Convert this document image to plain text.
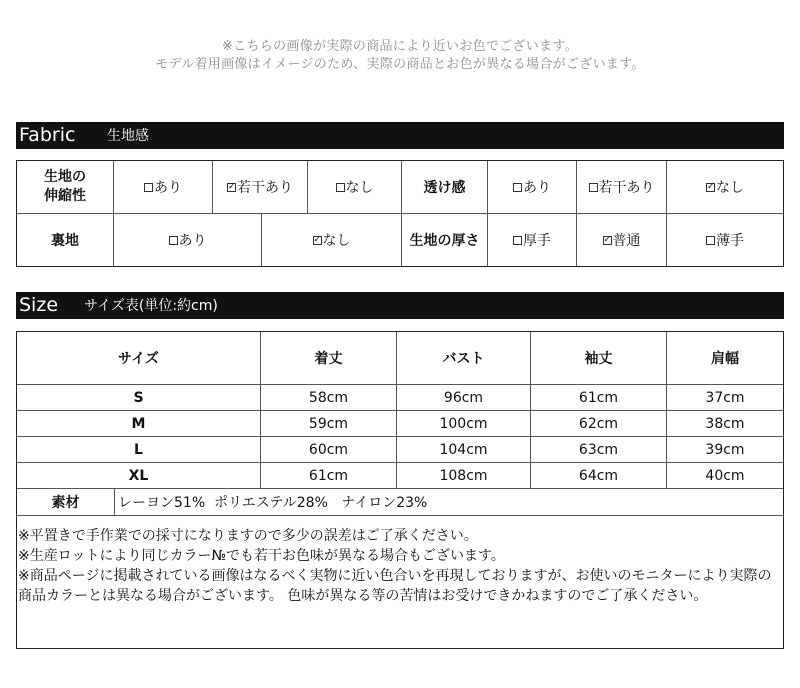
※こちらの画像が実際の商品により近いお色でございます。
モデル着用画像はイメージのため、実際の商品とお色が異なる場合がございます。
Fabric 生地感
生地の
伸縮性	あり	✓ 若干あり	なし	透け感	あり	若干あり	✓ なし
裏地	あり	✓ なし	生地の厚さ	厚手	✓ 普通	薄手
Size サイズ表(単位:約cm)
サイズ	着丈	バスト	袖丈	肩幅
S	58cm	96cm	61cm	37cm
M	59cm	100cm	62cm	38cm
L	60cm	104cm	63cm	39cm
XL	61cm	108cm	64cm	40cm
素材	レーヨン51%  ポリエステル28%   ナイロン23%

※平置きで手作業での採寸になりますので多少の誤差はご了承ください。

※生産ロットにより同じカラー№でも若干お色味が異なる場合もございます。

※商品ページに掲載されている画像はなるべく実物に近い色合いを再現しておりますが、お使いのモニターにより実際の商品カラーとは異なる場合がございます。 色味が異なる等の苦情はお受けできかねますのでご了承ください。
